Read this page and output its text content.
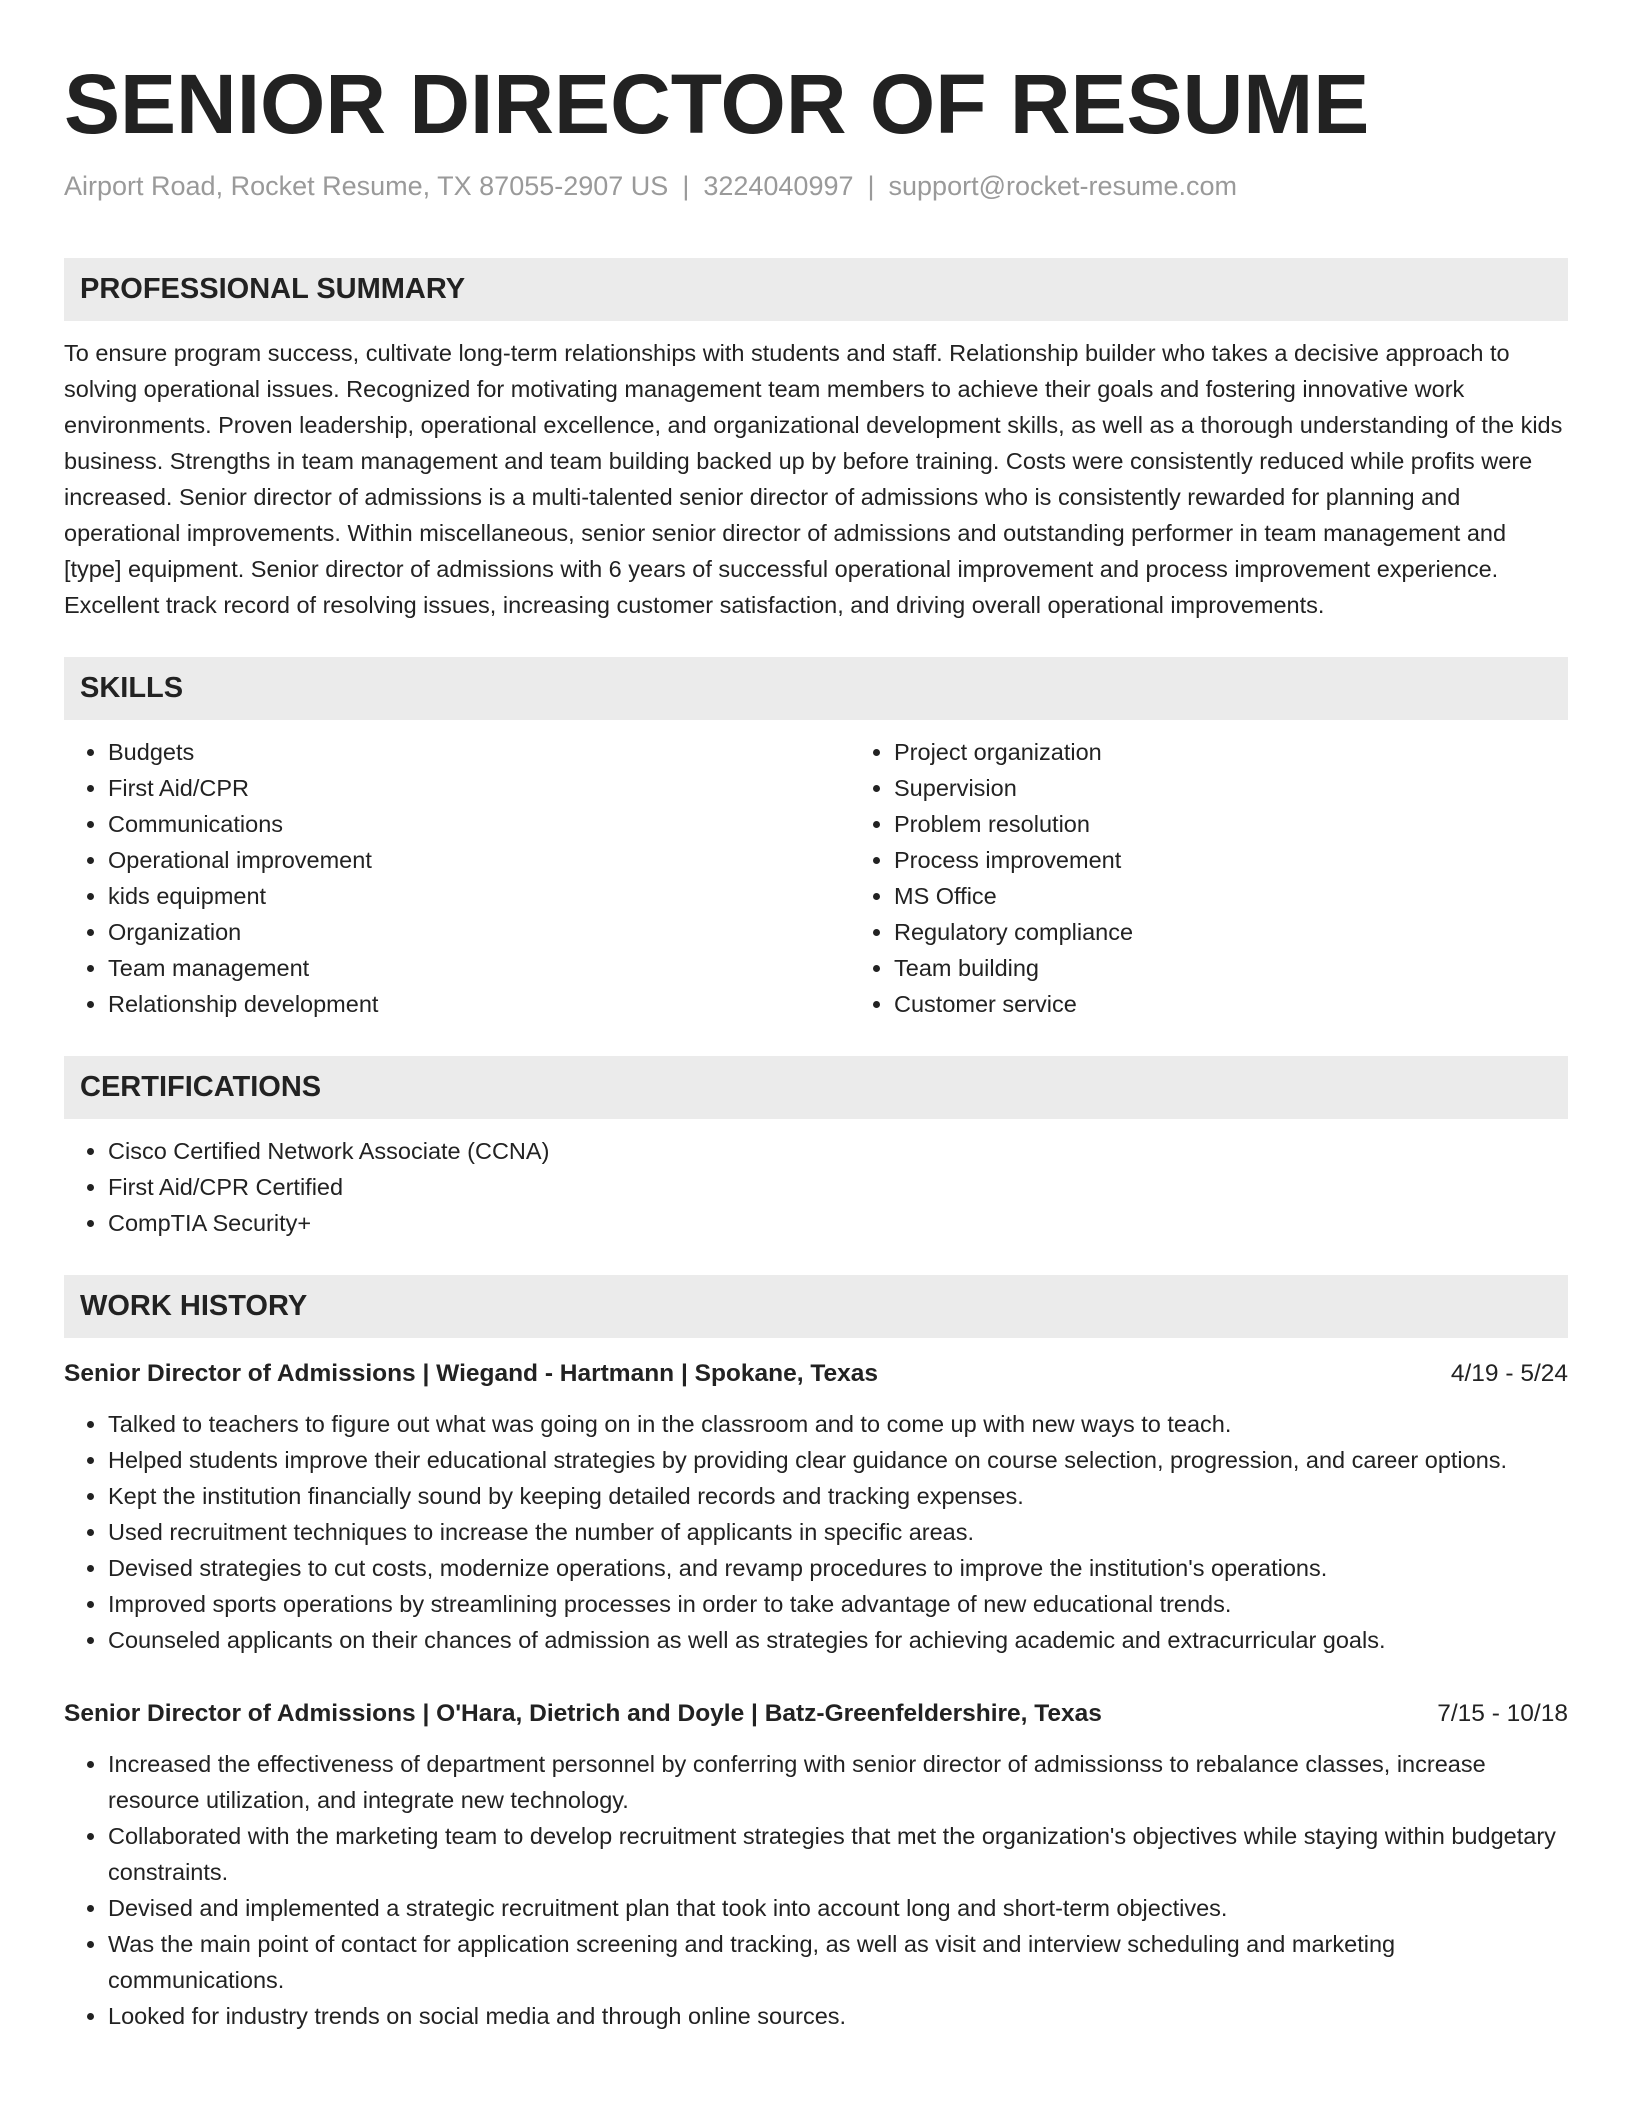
SENIOR DIRECTOR OF RESUME
Airport Road, Rocket Resume, TX 87055-2907 US | 3224040997 | support@rocket-resume.com
PROFESSIONAL SUMMARY
To ensure program success, cultivate long-term relationships with students and staff. Relationship builder who takes a decisive approach to solving operational issues. Recognized for motivating management team members to achieve their goals and fostering innovative work environments. Proven leadership, operational excellence, and organizational development skills, as well as a thorough understanding of the kids business. Strengths in team management and team building backed up by before training. Costs were consistently reduced while profits were increased. Senior director of admissions is a multi-talented senior director of admissions who is consistently rewarded for planning and operational improvements. Within miscellaneous, senior senior director of admissions and outstanding performer in team management and [type] equipment. Senior director of admissions with 6 years of successful operational improvement and process improvement experience. Excellent track record of resolving issues, increasing customer satisfaction, and driving overall operational improvements.
SKILLS
• Budgets
• First Aid/CPR
• Communications
• Operational improvement
• kids equipment
• Organization
• Team management
• Relationship development
• Project organization
• Supervision
• Problem resolution
• Process improvement
• MS Office
• Regulatory compliance
• Team building
• Customer service
CERTIFICATIONS
• Cisco Certified Network Associate (CCNA)
• First Aid/CPR Certified
• CompTIA Security+
WORK HISTORY
Senior Director of Admissions | Wiegand - Hartmann | Spokane, Texas	4/19 - 5/24
• Talked to teachers to figure out what was going on in the classroom and to come up with new ways to teach.
• Helped students improve their educational strategies by providing clear guidance on course selection, progression, and career options.
• Kept the institution financially sound by keeping detailed records and tracking expenses.
• Used recruitment techniques to increase the number of applicants in specific areas.
• Devised strategies to cut costs, modernize operations, and revamp procedures to improve the institution's operations.
• Improved sports operations by streamlining processes in order to take advantage of new educational trends.
• Counseled applicants on their chances of admission as well as strategies for achieving academic and extracurricular goals.
Senior Director of Admissions | O'Hara, Dietrich and Doyle | Batz-Greenfeldershire, Texas	7/15 - 10/18
• Increased the effectiveness of department personnel by conferring with senior director of admissionss to rebalance classes, increase resource utilization, and integrate new technology.
• Collaborated with the marketing team to develop recruitment strategies that met the organization's objectives while staying within budgetary constraints.
• Devised and implemented a strategic recruitment plan that took into account long and short-term objectives.
• Was the main point of contact for application screening and tracking, as well as visit and interview scheduling and marketing communications.
• Looked for industry trends on social media and through online sources.
